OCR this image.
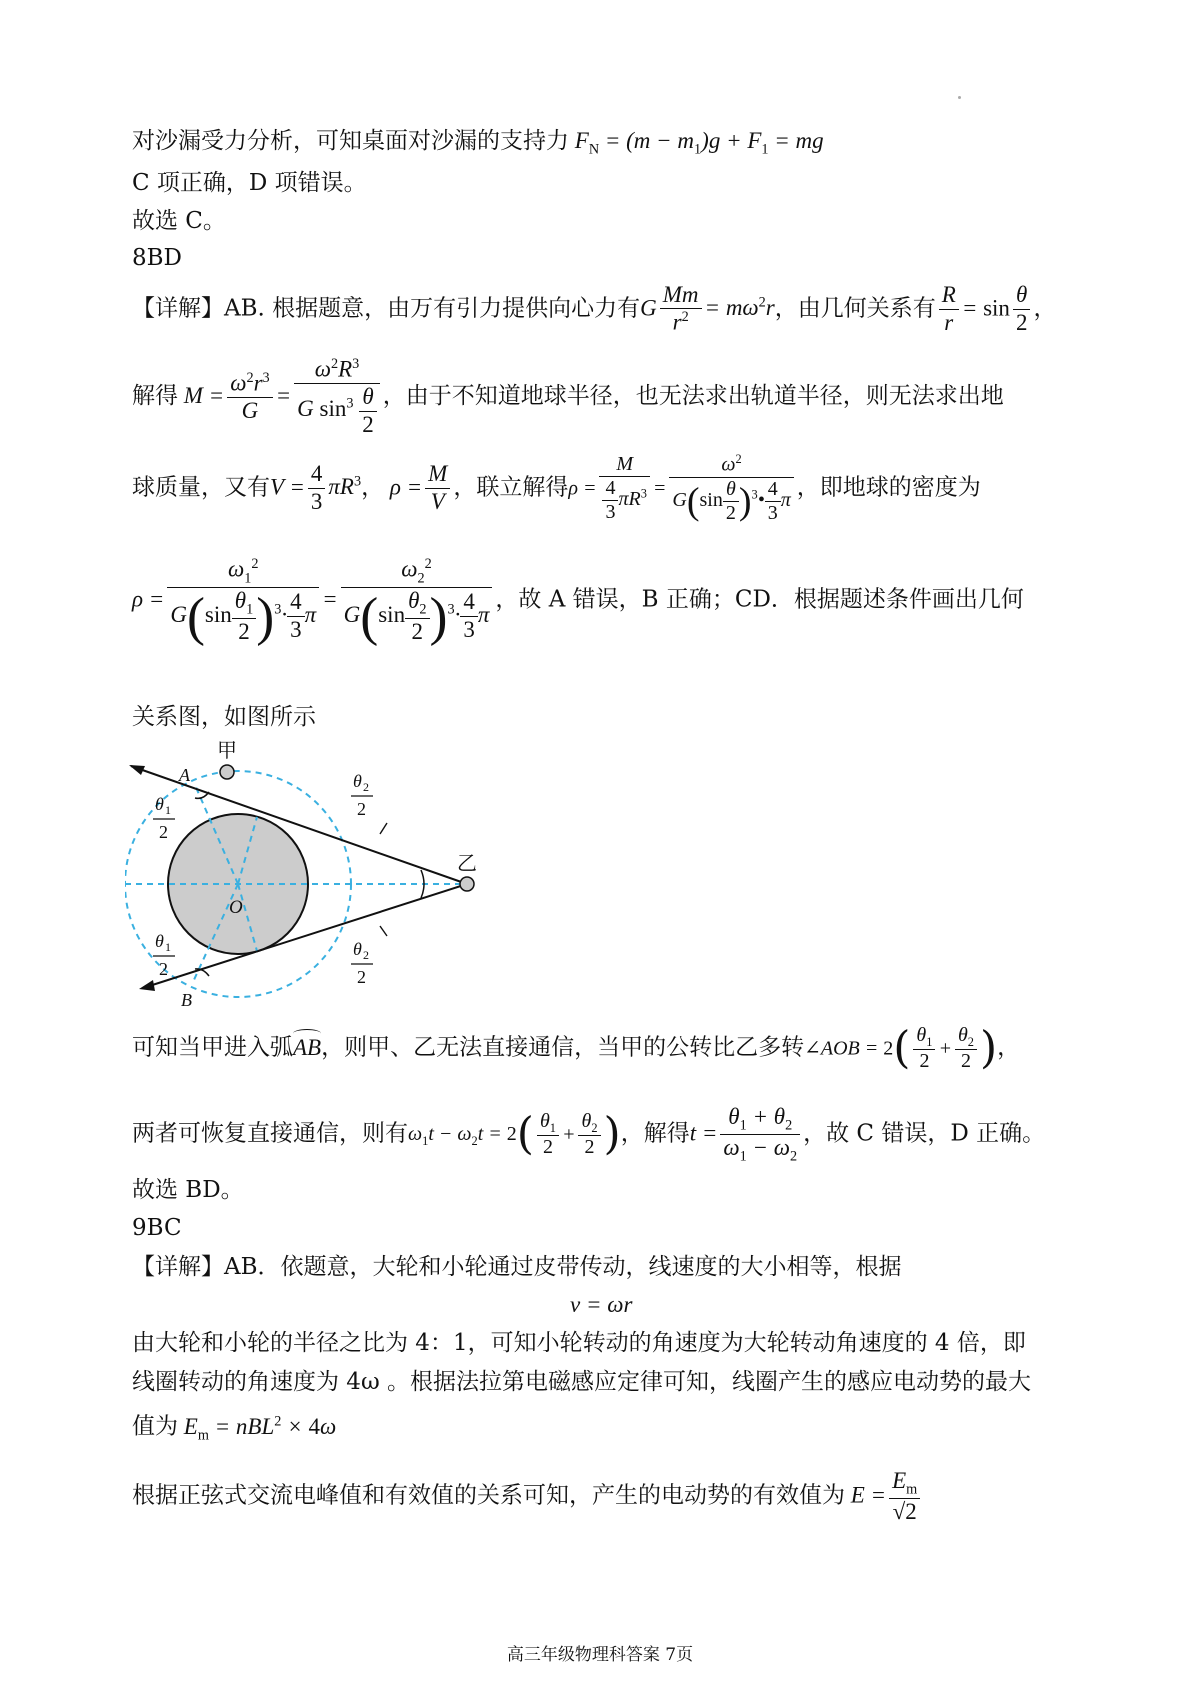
对沙漏受力分析，可知桌面对沙漏的支持力 $F_N = (m - m_1)g + F_1$ = mg
C 项正确，D 项错误。
故选 C。
8BD
【详解】AB. 根据题意，由万有引力提供向心力有G $\frac{Mm}{r^2} = m\omega^2r$，由几何关系有 $\frac{R}{r} = \sin \frac{\theta}{2}$ ，
解得 $M = \frac{\omega^2r^3}{G} = \frac{\omega^2R^3}{G \sin^3 \frac{\theta}{2}}$ ，由于不知道地球半径，也无法求出轨道半径，则无法求出地
球质量，又有$V = \frac{4}{3} \pi R^3$， $\rho = \frac{M}{V}$ ，联立解得$\rho = \frac{M}{\frac{4}{3} \pi R^3} = \frac{\omega^2}{G(\sin \frac{\theta}{2} )^3• \frac{4}{3} \pi}$ ，即地球的密度为
$\rho = \frac{\omega_1^2}{G(\sin \frac{\theta_1}{2} )^3\cdot \frac{4}{3} \pi} = \frac{\omega_2^2}{G(\sin \frac{\theta_2}{2} )^3\cdot \frac{4}{3} \pi}$ ，故 A 错误，B 正确；CD．根据题述条件画出几何
关系图，如图所示
甲
乙
A
B
O
θ 1
2
θ 1
2
θ 2
2
θ 2
2
可知当甲进入弧AB
，则甲、乙无法直接通信，当甲的公转比乙多转∠AOB = $2( \frac{\theta_1}{2} + \frac{\theta_2}{2}$ )，
两者可恢复直接通信，则有$\omega_1t - \omega_2t = 2( \frac{\theta_1}{2} + \frac{\theta_2}{2}$ )，解得$t = \frac{\theta_1 + \theta_2}{\omega_1 - \omega_2}$ ，故 C 错误，D 正确。
故选 BD。
9BC
【详解】AB．依题意，大轮和小轮通过皮带传动，线速度的大小相等，根据
v = ωr
由大轮和小轮的半径之比为 4：1，可知小轮转动的角速度为大轮转动角速度的 4 倍，即
线圈转动的角速度为 4ω 。根据法拉第电磁感应定律可知，线圈产生的感应电动势的最大
值为 $E_m = nBL^2 \times 4\omega$
根据正弦式交流电峰值和有效值的关系可知，产生的电动势的有效值为 $E = \frac{E_m}{√2}$
高三年级物理科答案 7页
